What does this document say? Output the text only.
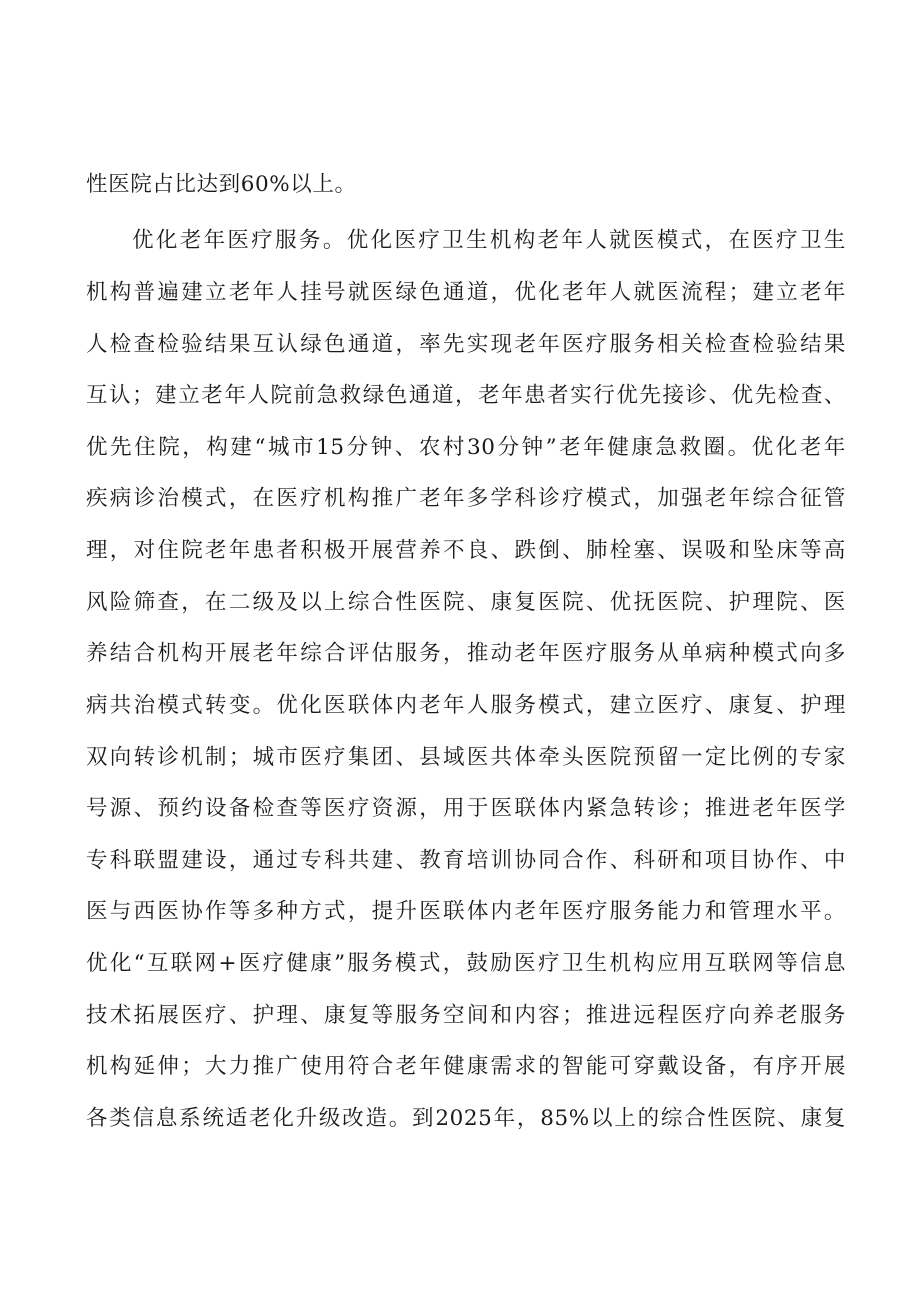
性医院占比达到60%以上。
优化老年医疗服务。优化医疗卫生机构老年人就医模式，在医疗卫生
机构普遍建立老年人挂号就医绿色通道，优化老年人就医流程；建立老年
人检查检验结果互认绿色通道，率先实现老年医疗服务相关检查检验结果
互认；建立老年人院前急救绿色通道，老年患者实行优先接诊、优先检查、
优先住院，构建“城市15分钟、农村30分钟”老年健康急救圈。优化老年
疾病诊治模式，在医疗机构推广老年多学科诊疗模式，加强老年综合征管
理，对住院老年患者积极开展营养不良、跌倒、肺栓塞、误吸和坠床等高
风险筛查，在二级及以上综合性医院、康复医院、优抚医院、护理院、医
养结合机构开展老年综合评估服务，推动老年医疗服务从单病种模式向多
病共治模式转变。优化医联体内老年人服务模式，建立医疗、康复、护理
双向转诊机制；城市医疗集团、县域医共体牵头医院预留一定比例的专家
号源、预约设备检查等医疗资源，用于医联体内紧急转诊；推进老年医学
专科联盟建设，通过专科共建、教育培训协同合作、科研和项目协作、中
医与西医协作等多种方式，提升医联体内老年医疗服务能力和管理水平。
优化“互联网+医疗健康”服务模式，鼓励医疗卫生机构应用互联网等信息
技术拓展医疗、护理、康复等服务空间和内容；推进远程医疗向养老服务
机构延伸；大力推广使用符合老年健康需求的智能可穿戴设备，有序开展
各类信息系统适老化升级改造。到2025年，85%以上的综合性医院、康复
